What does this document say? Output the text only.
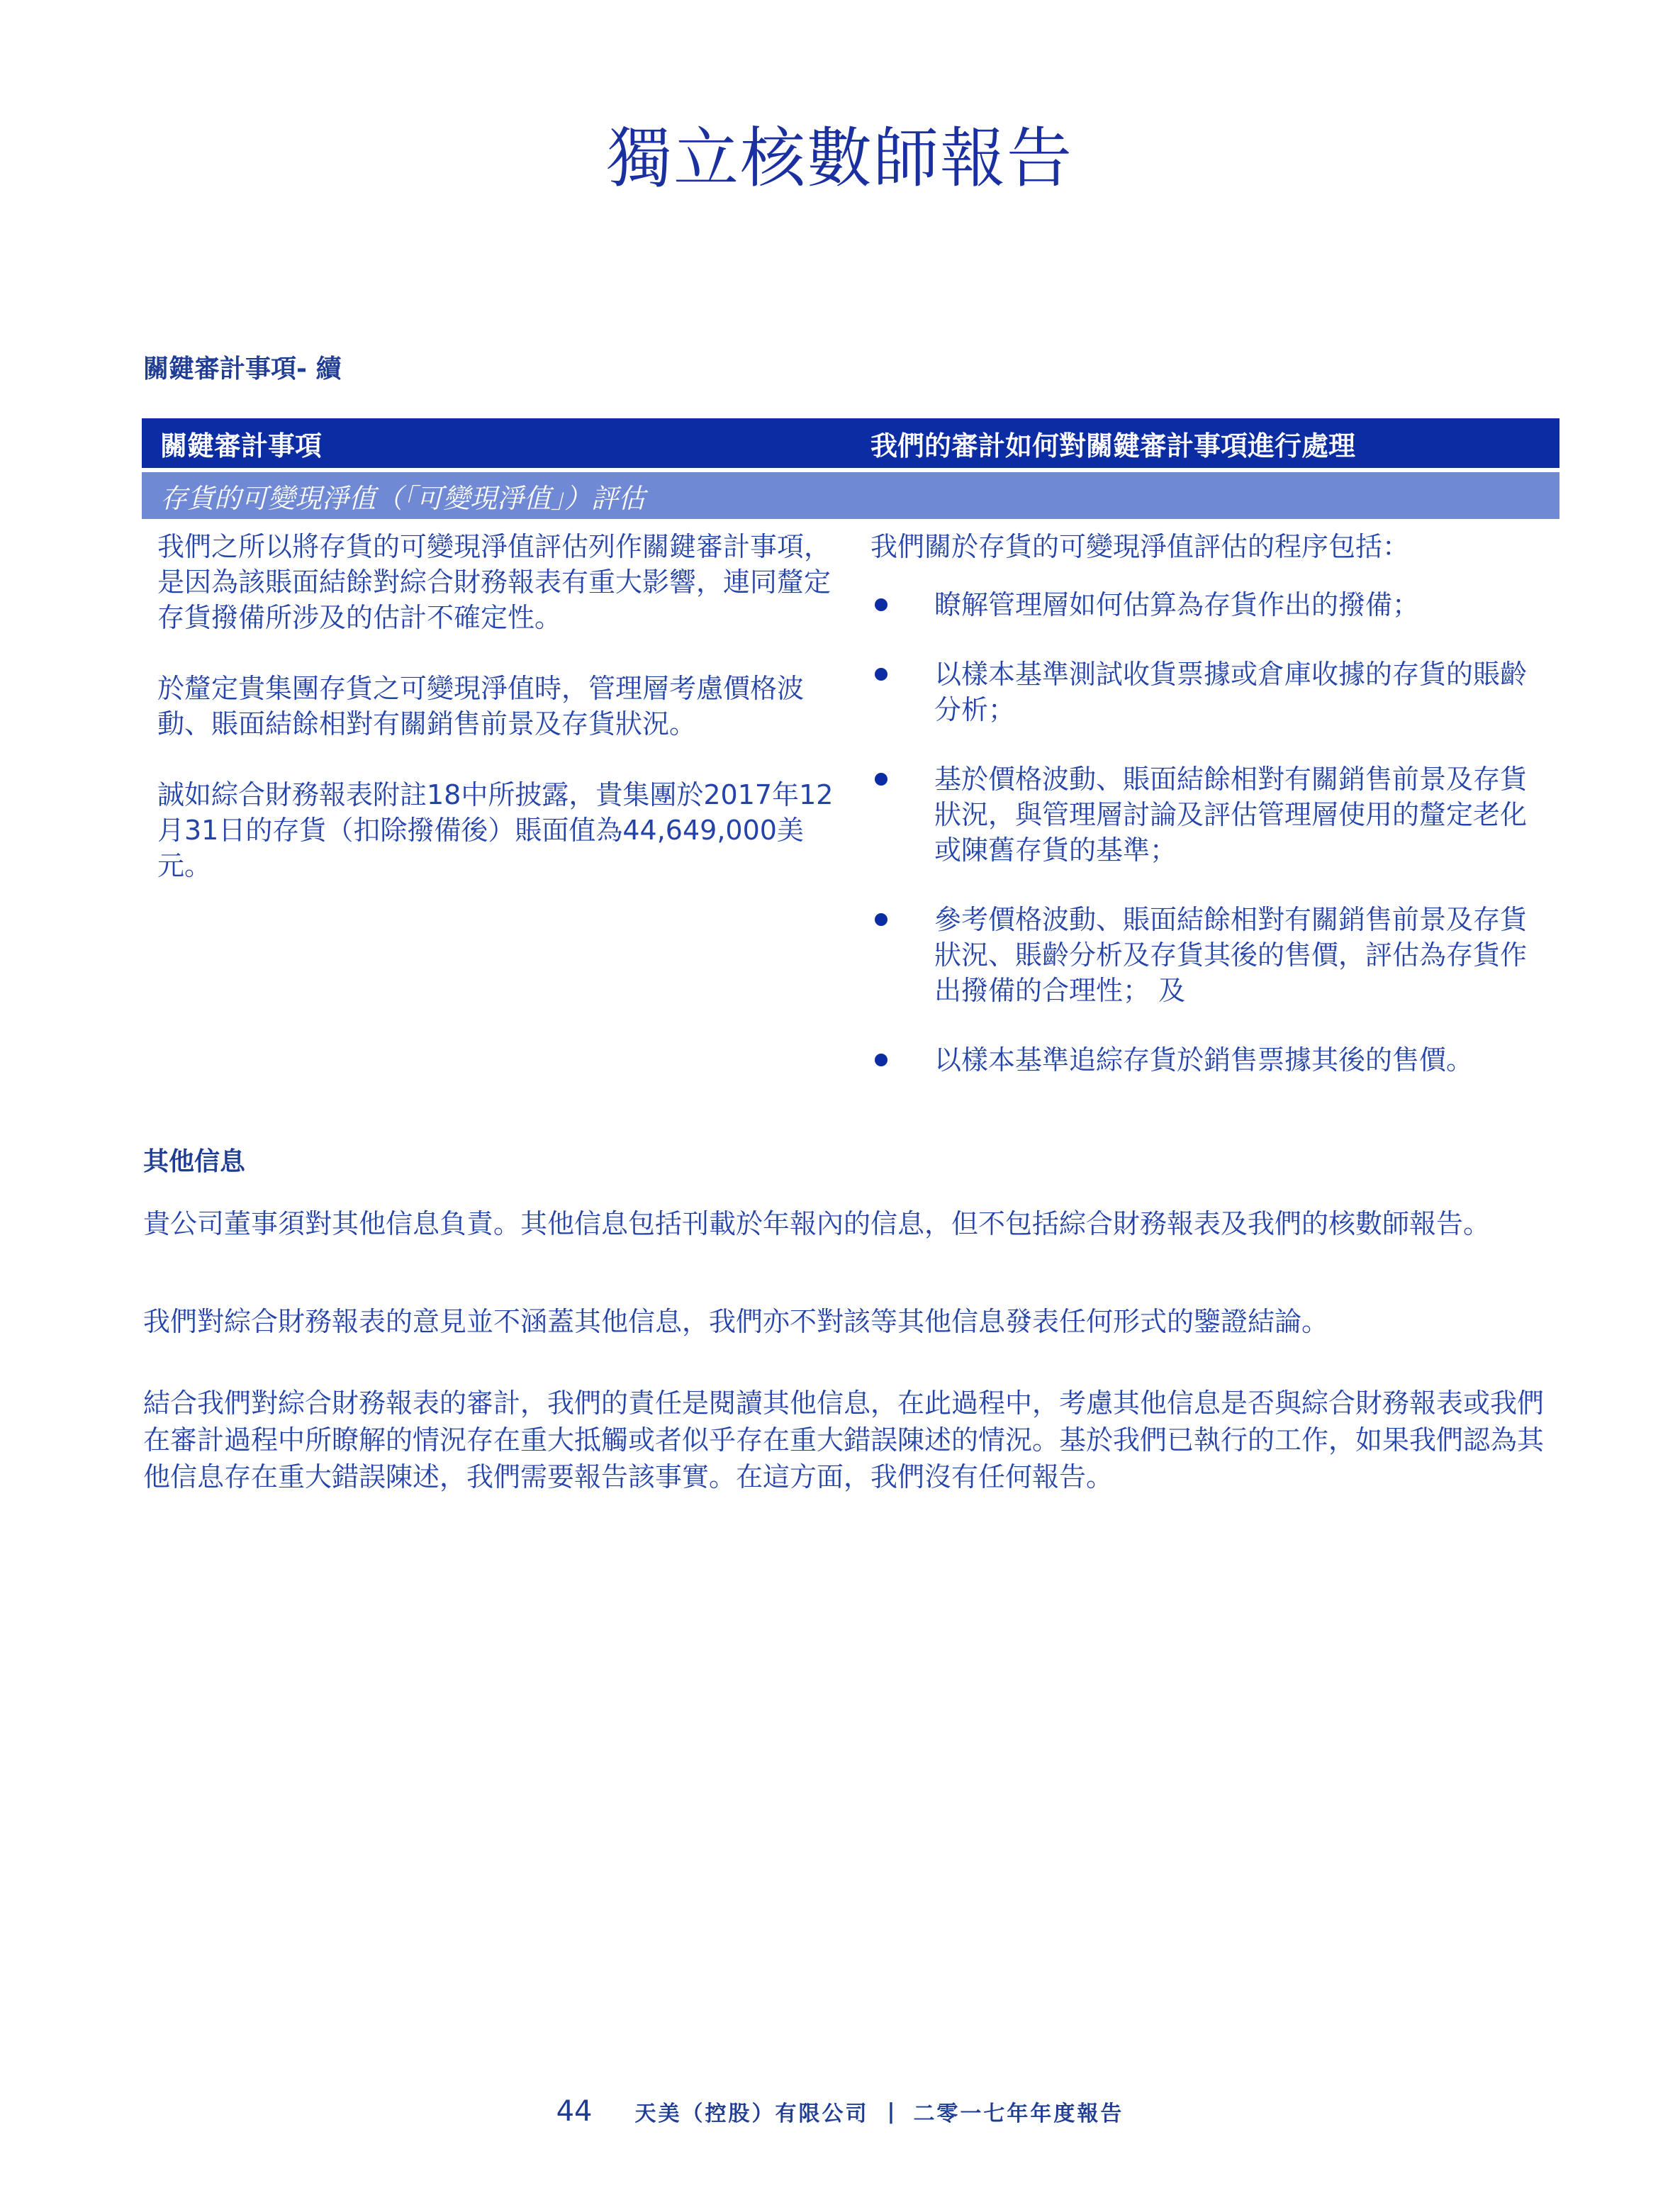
獨立核數師報告
關鍵審計事項- 續
關鍵審計事項	我們的審計如何對關鍵審計事項進行處理
存貨的可變現淨值（「可變現淨值」）評估

我們之所以將存貨的可變現淨值評估列作關鍵審計事項，是因為該賬面結餘對綜合財務報表有重大影響，連同釐定存貨撥備所涉及的估計不確定性。

於釐定貴集團存貨之可變現淨值時，管理層考慮價格波動、賬面結餘相對有關銷售前景及存貨狀況。

誠如綜合財務報表附註18中所披露，貴集團於2017年12月31日的存貨（扣除撥備後）賬面值為44,649,000美元。

我們關於存貨的可變現淨值評估的程序包括：

瞭解管理層如何估算為存貨作出的撥備；
以樣本基準測試收貨票據或倉庫收據的存貨的賬齡分析；
基於價格波動、賬面結餘相對有關銷售前景及存貨狀況，與管理層討論及評估管理層使用的釐定老化或陳舊存貨的基準；
參考價格波動、賬面結餘相對有關銷售前景及存貨狀況、賬齡分析及存貨其後的售價，評估為存貨作出撥備的合理性； 及
以樣本基準追綜存貨於銷售票據其後的售價。
其他信息

貴公司董事須對其他信息負責。其他信息包括刊載於年報內的信息，但不包括綜合財務報表及我們的核數師報告。

我們對綜合財務報表的意見並不涵蓋其他信息，我們亦不對該等其他信息發表任何形式的鑒證結論。

結合我們對綜合財務報表的審計，我們的責任是閱讀其他信息，在此過程中，考慮其他信息是否與綜合財務報表或我們在審計過程中所瞭解的情況存在重大抵觸或者似乎存在重大錯誤陳述的情況。基於我們已執行的工作，如果我們認為其他信息存在重大錯誤陳述，我們需要報告該事實。在這方面，我們沒有任何報告。

44 天美（控股）有限公司 | 二零一七年年度報告
